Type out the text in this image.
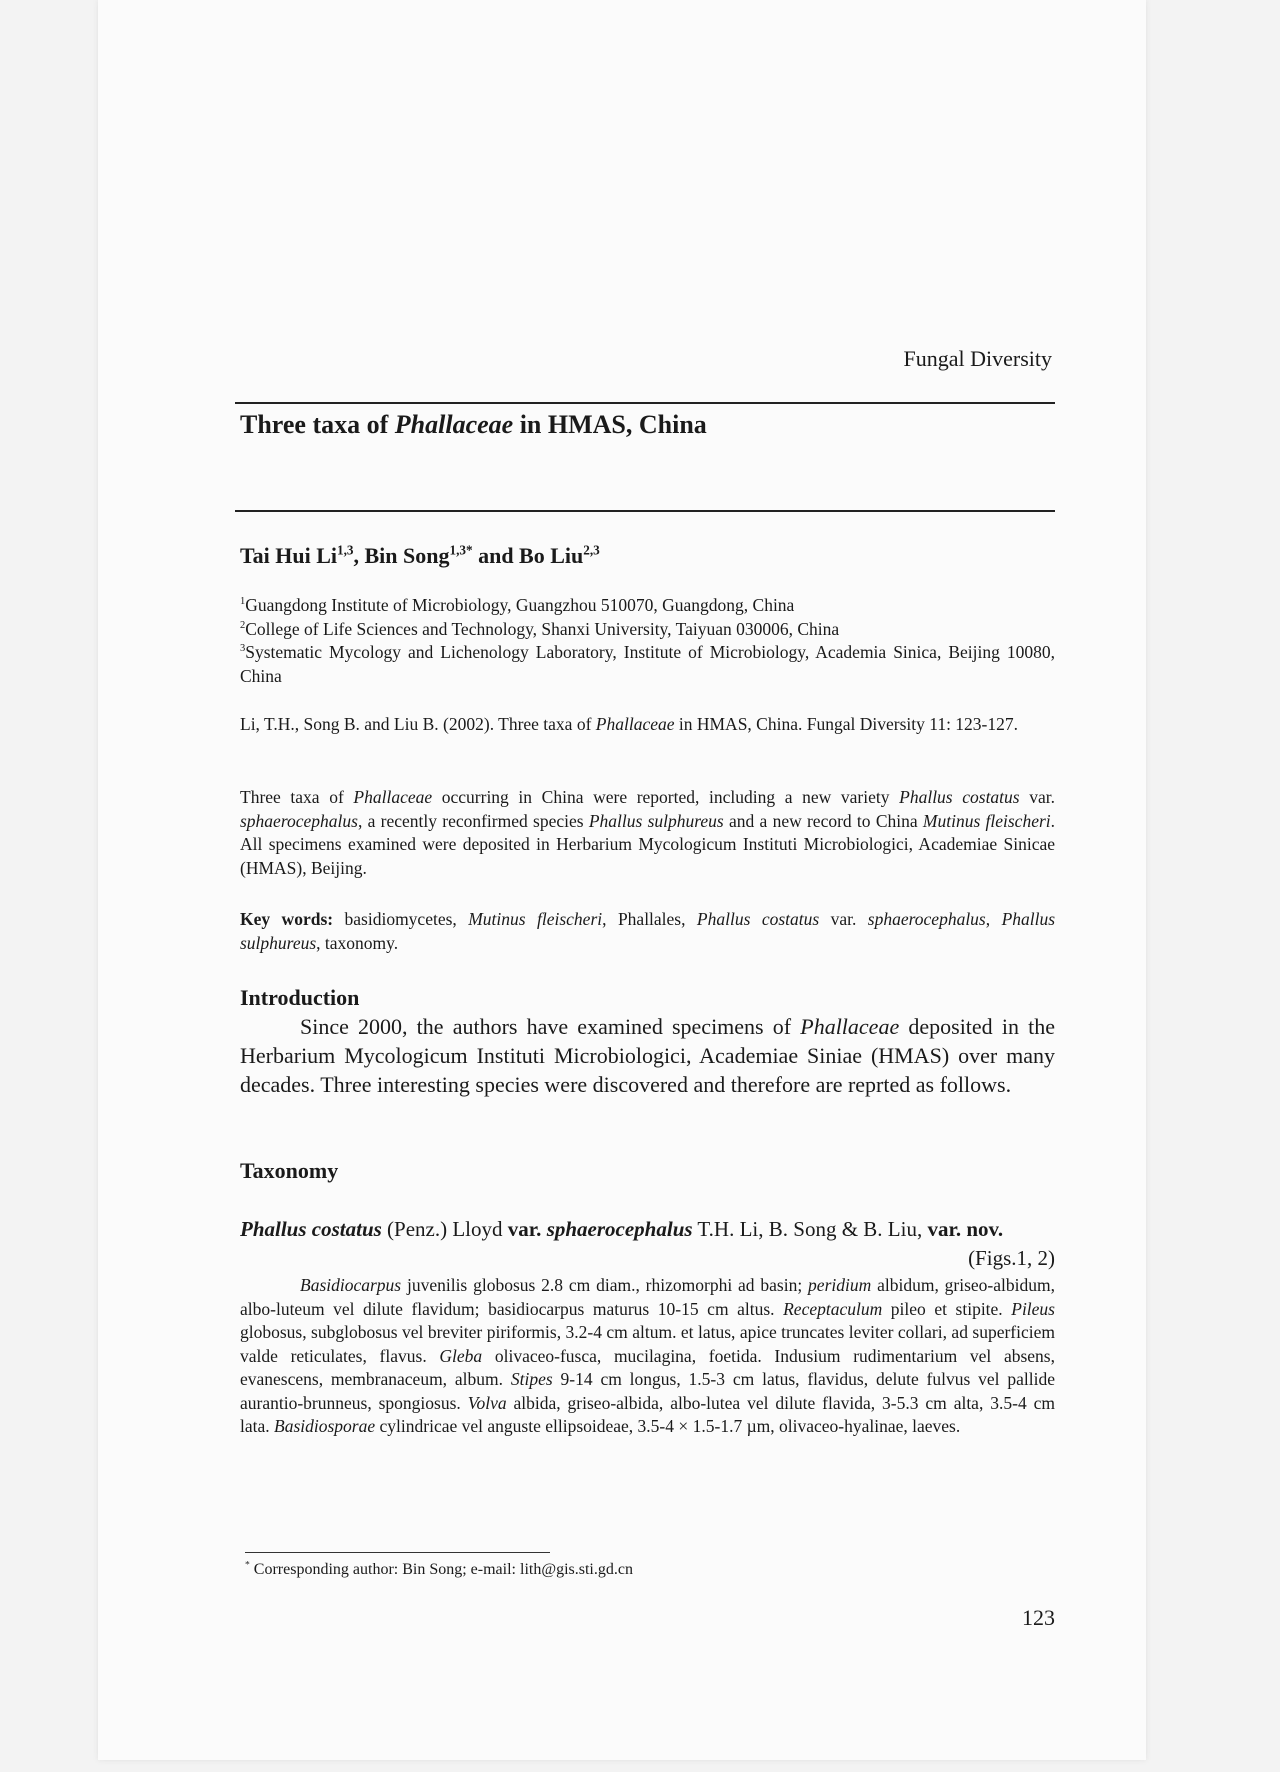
Fungal Diversity
Three taxa of Phallaceae in HMAS, China
Tai Hui Li$^{1,3}$, Bin Song$^{1,3*}$ and Bo Liu$^{2,3}$
$^1$Guangdong Institute of Microbiology, Guangzhou 510070, Guangdong, China
$^2$College of Life Sciences and Technology, Shanxi University, Taiyuan 030006, China
$^3$Systematic Mycology and Lichenology Laboratory, Institute of Microbiology, Academia Sinica, Beijing 10080, China
Li, T.H., Song B. and Liu B. (2002). Three taxa of Phallaceae in HMAS, China. Fungal Diversity 11: 123-127.
Three taxa of Phallaceae occurring in China were reported, including a new variety Phallus costatus var. sphaerocephalus, a recently reconfirmed species Phallus sulphureus and a new record to China Mutinus fleischeri. All specimens examined were deposited in Herbarium Mycologicum Instituti Microbiologici, Academiae Sinicae (HMAS), Beijing.
Key words: basidiomycetes, Mutinus fleischeri, Phallales, Phallus costatus var. sphaerocephalus, Phallus sulphureus, taxonomy.
Introduction
Since 2000, the authors have examined specimens of Phallaceae deposited in the Herbarium Mycologicum Instituti Microbiologici, Academiae Siniae (HMAS) over many decades. Three interesting species were discovered and therefore are reprted as follows.
Taxonomy
Phallus costatus (Penz.) Lloyd var. sphaerocephalus T.H. Li, B. Song & B. Liu, var. nov.
(Figs.1, 2)
Basidiocarpus juvenilis globosus 2.8 cm diam., rhizomorphi ad basin; peridium albidum, griseo-albidum, albo-luteum vel dilute flavidum; basidiocarpus maturus 10-15 cm altus. Receptaculum pileo et stipite. Pileus globosus, subglobosus vel breviter piriformis, 3.2-4 cm altum. et latus, apice truncates leviter collari, ad superficiem valde reticulates, flavus. Gleba olivaceo-fusca, mucilagina, foetida. Indusium rudimentarium vel absens, evanescens, membranaceum, album. Stipes 9-14 cm longus, 1.5-3 cm latus, flavidus, delute fulvus vel pallide aurantio-brunneus, spongiosus. Volva albida, griseo-albida, albo-lutea vel dilute flavida, 3-5.3 cm alta, 3.5-4 cm lata. Basidiosporae cylindricae vel anguste ellipsoideae, 3.5-4 × 1.5-1.7 µm, olivaceo-hyalinae, laeves.
* Corresponding author: Bin Song; e-mail: lith@gis.sti.gd.cn
123
